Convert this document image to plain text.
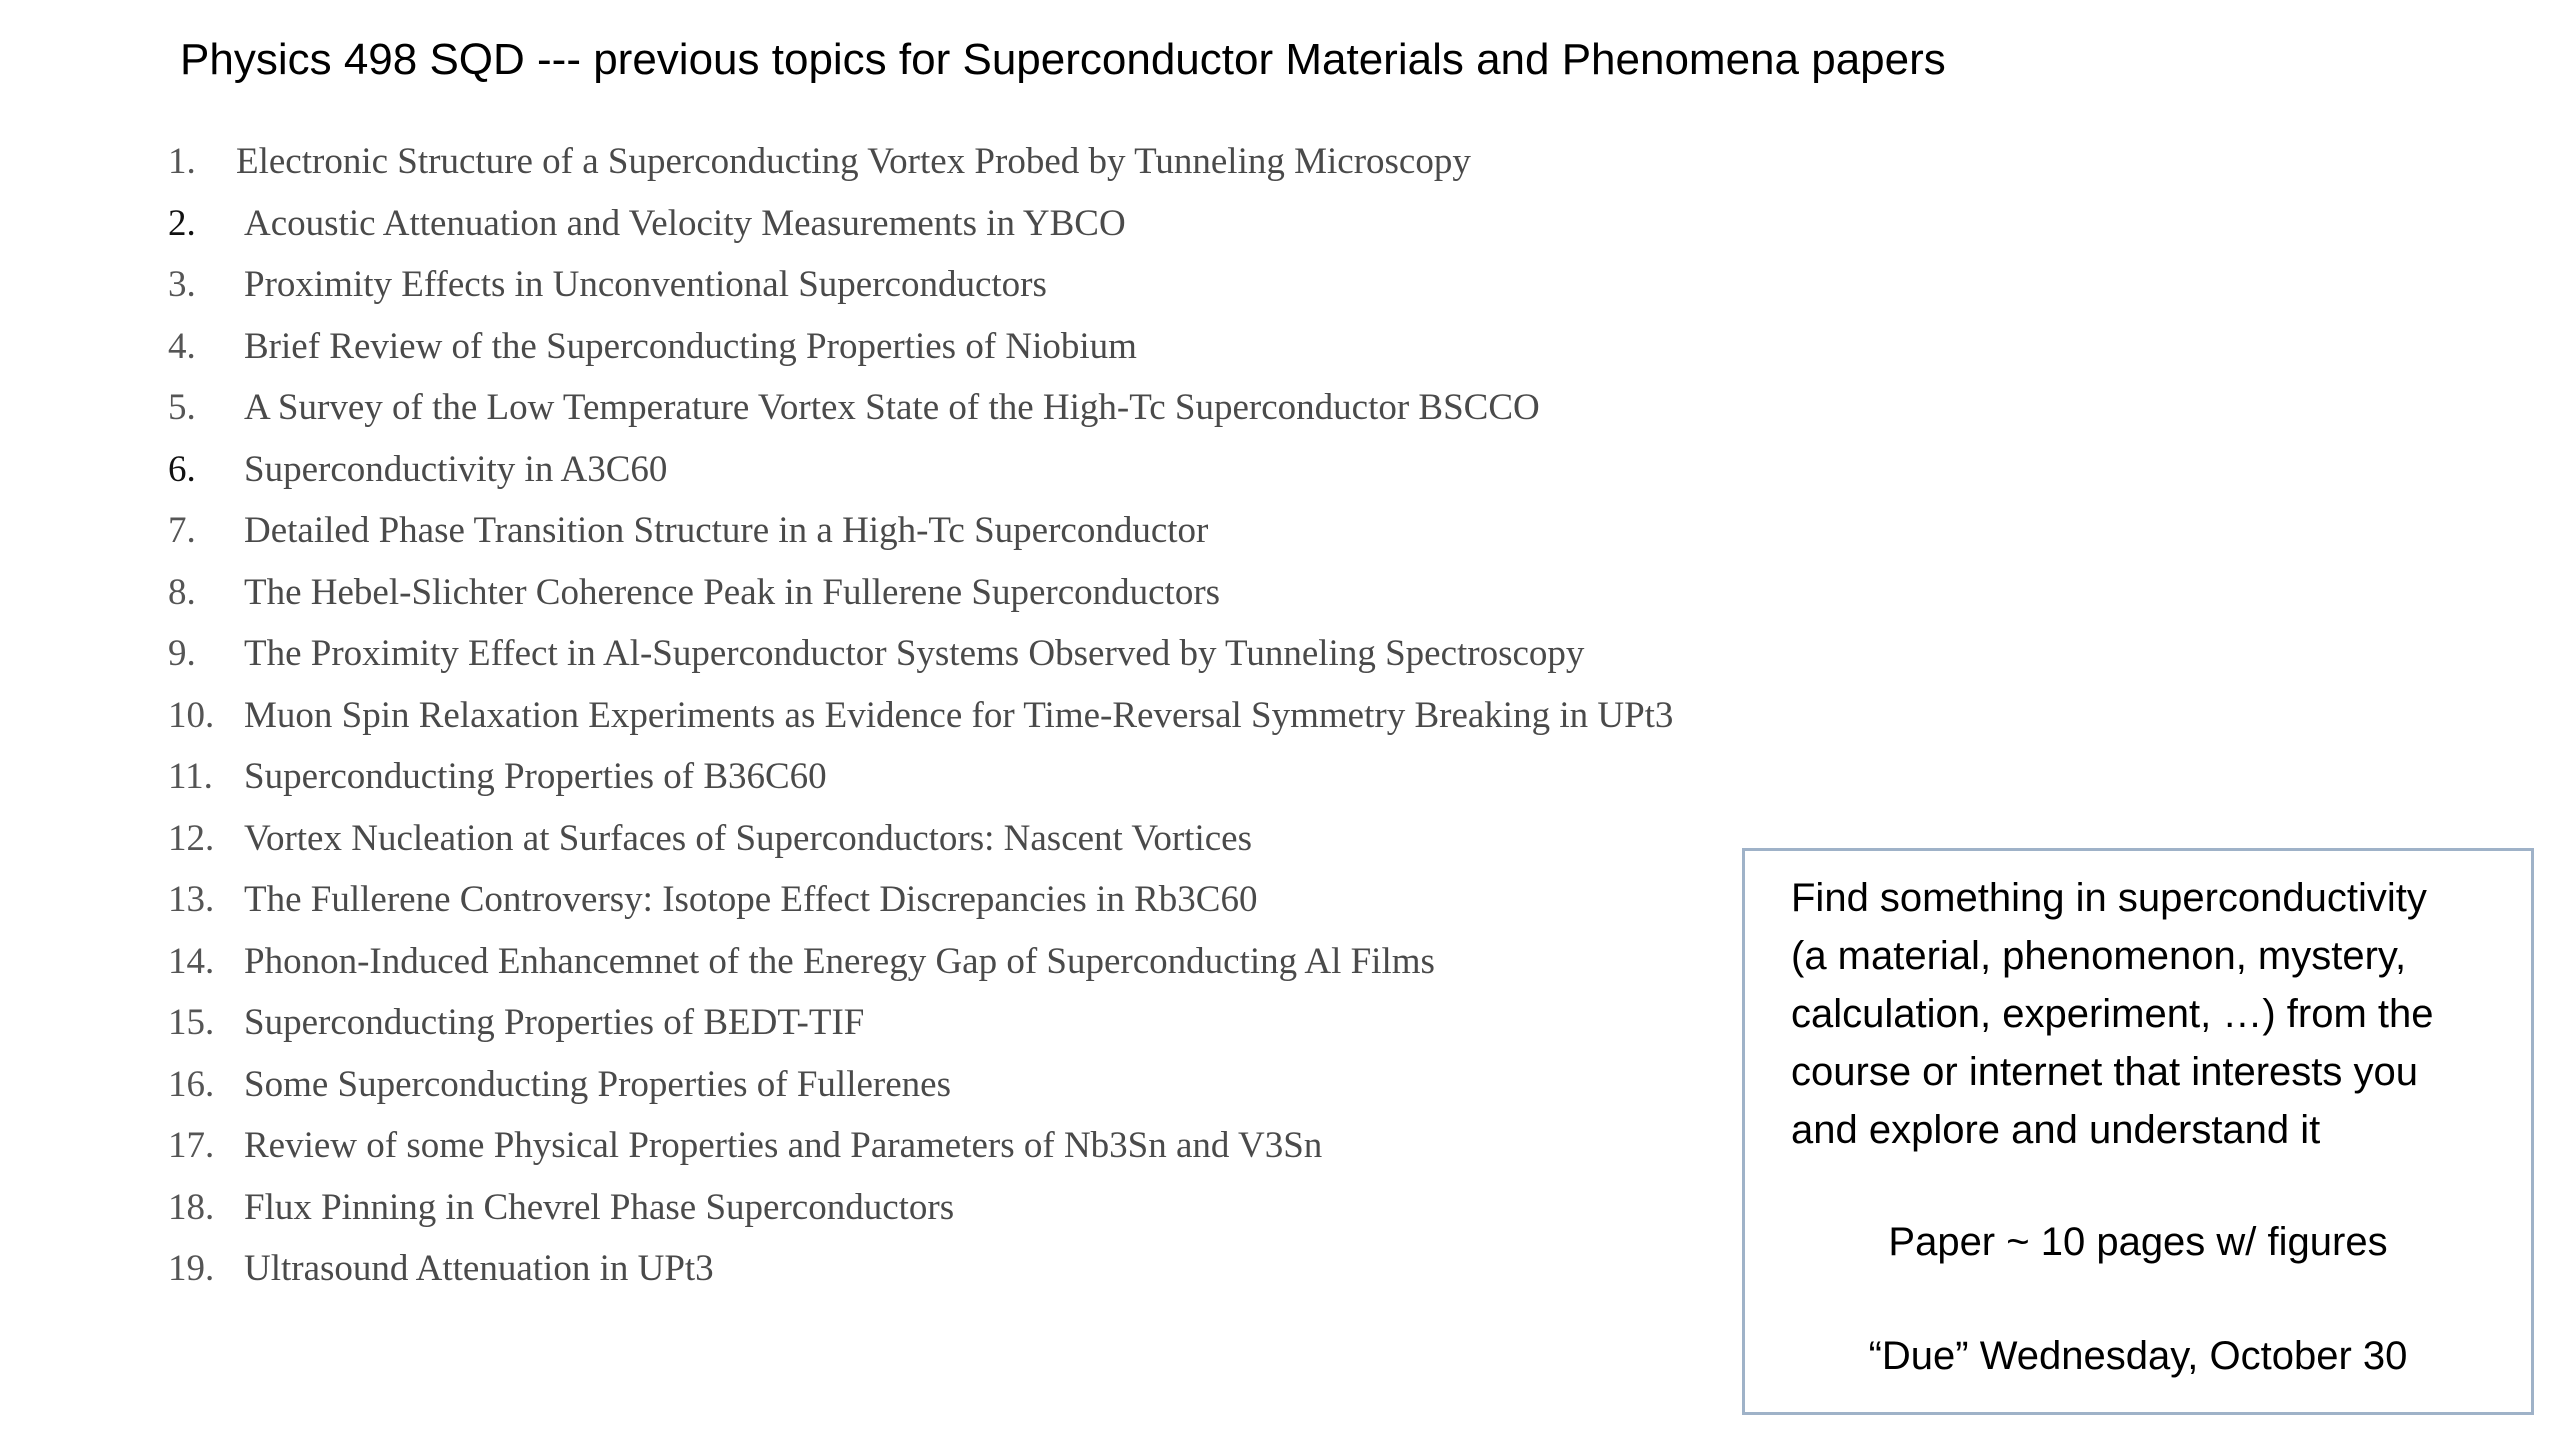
Physics 498 SQD --- previous topics for Superconductor Materials and Phenomena papers
1.	Electronic Structure of a Superconducting Vortex Probed by Tunneling Microscopy
2.	Acoustic Attenuation and Velocity Measurements in YBCO
3.	Proximity Effects in Unconventional Superconductors
4.	Brief Review of the Superconducting Properties of Niobium
5.	A Survey of the Low Temperature Vortex State of the High-Tc Superconductor BSCCO
6.	Superconductivity in A3C60
7.	Detailed Phase Transition Structure in a High-Tc Superconductor
8.	The Hebel-Slichter Coherence Peak in Fullerene Superconductors
9.	The Proximity Effect in Al-Superconductor Systems Observed by Tunneling Spectroscopy
10. Muon Spin Relaxation Experiments as Evidence for Time-Reversal Symmetry Breaking in UPt3
11. Superconducting Properties of B36C60
12. Vortex Nucleation at Surfaces of Superconductors: Nascent Vortices
13. The Fullerene Controversy: Isotope Effect Discrepancies in Rb3C60
14. Phonon-Induced Enhancemnet of the Eneregy Gap of Superconducting Al Films
15. Superconducting Properties of BEDT-TIF
16. Some Superconducting Properties of Fullerenes
17. Review of some Physical Properties and Parameters of Nb3Sn and V3Sn
18. Flux Pinning in Chevrel Phase Superconductors
19. Ultrasound Attenuation in UPt3

Find something in superconductivity
(a material, phenomenon, mystery,
calculation, experiment, …) from the
course or internet that interests you
and explore and understand it

Paper ~ 10 pages w/ figures

“Due” Wednesday, October 30
